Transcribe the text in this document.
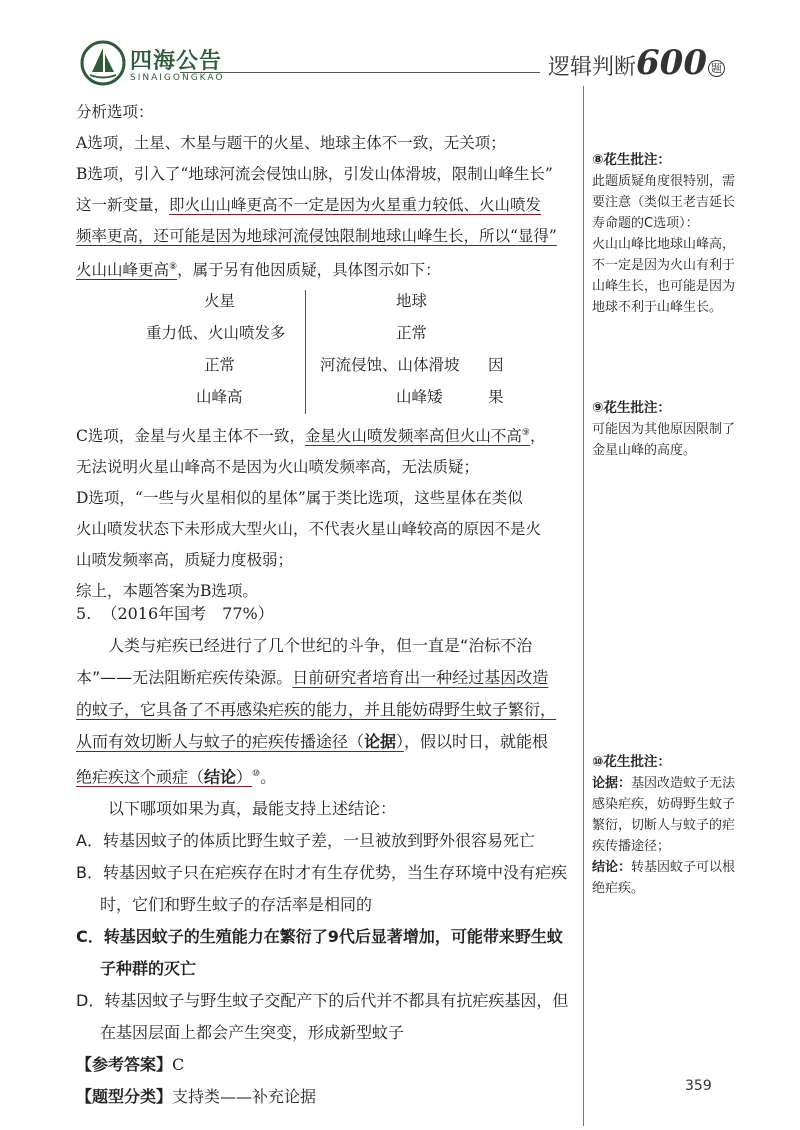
四海公告
SINAIGONGKAO	逻辑判断600 题

分析选项：

A选项，土星、木星与题干的火星、地球主体不一致，无关项；

B选项，引入了“地球河流会侵蚀山脉，引发山体滑坡，限制山峰生长”

这一新变量，即火山山峰更高不一定是因为火星重力较低、火山喷发

频率更高，还可能是因为地球河流侵蚀限制地球山峰生长，所以“显得”

火山山峰更高⑧，属于另有他因质疑，具体图示如下：

火星
重力低、火山喷发多
正常
山峰高
地球
正常
河流侵蚀、山体滑坡 因
山峰矮	果

C选项，金星与火星主体不一致，金星火山喷发频率高但火山不高⑨，

无法说明火星山峰高不是因为火山喷发频率高，无法质疑；

D选项，“一些与火星相似的星体”属于类比选项，这些星体在类似

火山喷发状态下未形成大型火山，不代表火星山峰较高的原因不是火

山喷发频率高，质疑力度极弱；

综上，本题答案为B选项。

5. （2016年国考　77%）

人类与疟疾已经进行了几个世纪的斗争，但一直是“治标不治

本”——无法阻断疟疾传染源。日前研究者培育出一种经过基因改造

的蚊子，它具备了不再感染疟疾的能力，并且能妨碍野生蚊子繁衍，

从而有效切断人与蚊子的疟疾传播途径（论据），假以时日，就能根

绝疟疾这个顽症（结论）⑩。

以下哪项如果为真，最能支持上述结论：

A．转基因蚊子的体质比野生蚊子差，一旦被放到野外很容易死亡

B．转基因蚊子只在疟疾存在时才有生存优势，当生存环境中没有疟疾时，它们和野生蚊子的存活率是相同的

C．转基因蚊子的生殖能力在繁衍了9代后显著增加，可能带来野生蚊子种群的灭亡

D．转基因蚊子与野生蚊子交配产下的后代并不都具有抗疟疾基因，但在基因层面上都会产生突变，形成新型蚊子

【参考答案】C

【题型分类】支持类——补充论据

⑧花生批注：
此题质疑角度很特别，需要注意（类似王老吉延长寿命题的C选项）：
火山山峰比地球山峰高，不一定是因为火山有利于山峰生长，也可能是因为地球不利于山峰生长。
⑨花生批注：
可能因为其他原因限制了金星山峰的高度。
⑩花生批注：
论据：基因改造蚊子无法感染疟疾，妨碍野生蚊子繁衍，切断人与蚊子的疟疾传播途径；
结论：转基因蚊子可以根绝疟疾。
359
